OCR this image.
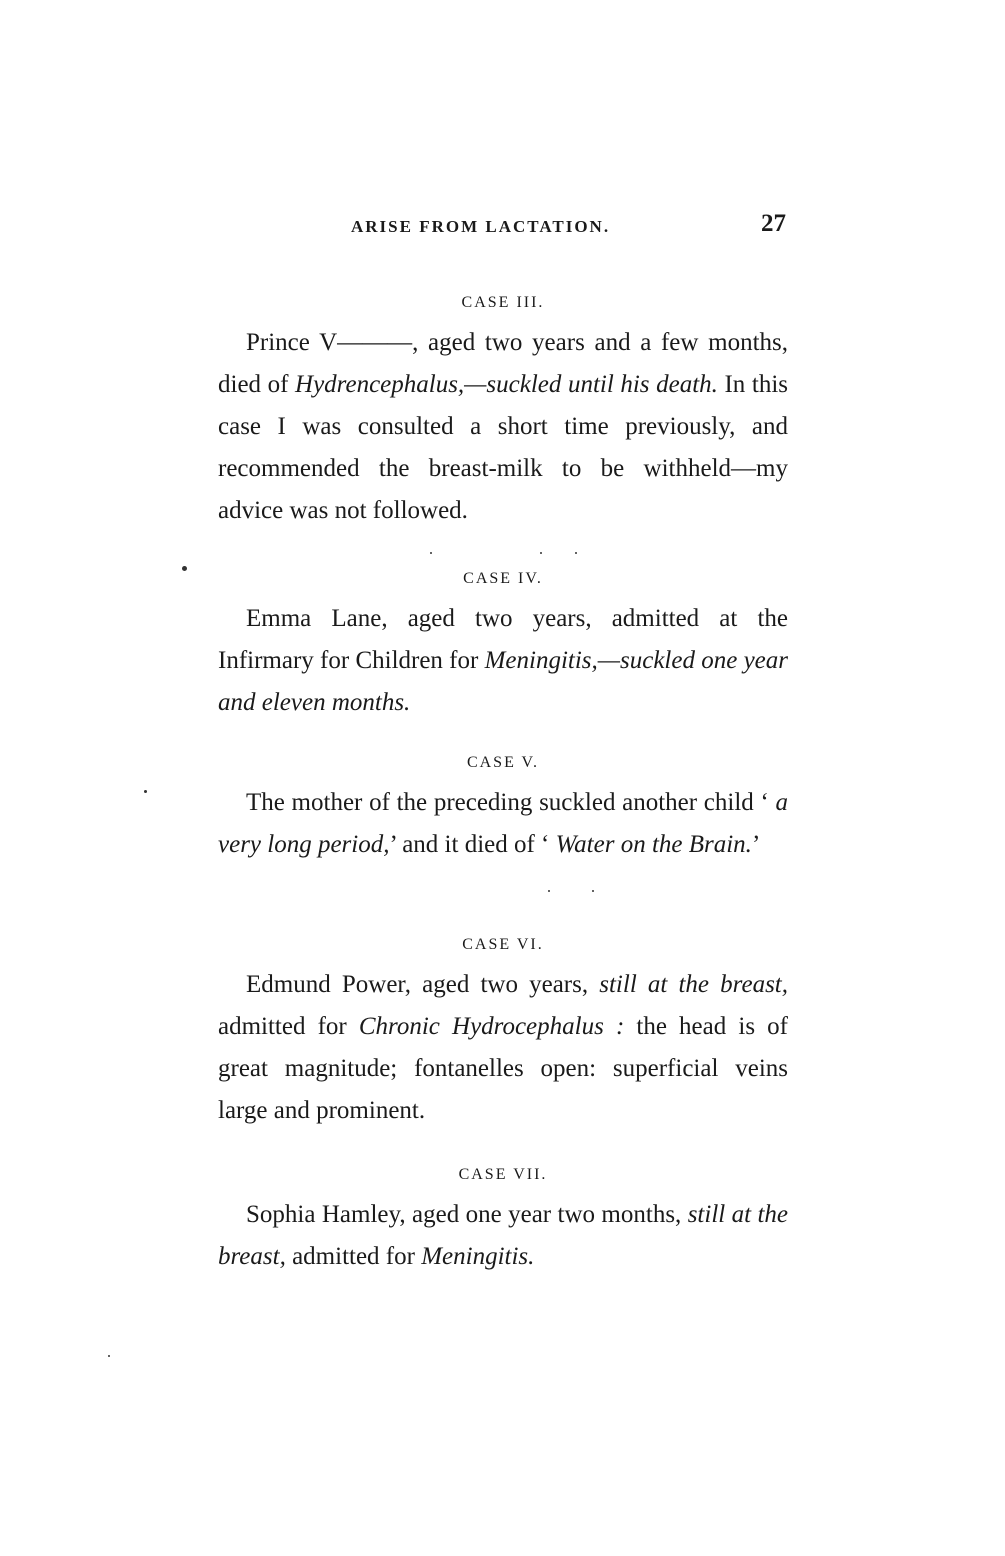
ARISE FROM LACTATION.	27
CASE III.

Prince V———, aged two years and a few months, died of Hydrencephalus,—suckled until his death. In this case I was consulted a short time previously, and recommended the breast-milk to be withheld—my advice was not followed.

CASE IV.

Emma Lane, aged two years, admitted at the Infirmary for Children for Meningitis,—suckled one year and eleven months.

CASE V.

The mother of the preceding suckled another child ‘ a very long period,’ and it died of ‘ Water on the Brain.’

CASE VI.

Edmund Power, aged two years, still at the breast, admitted for Chronic Hydrocephalus : the head is of great magnitude; fontanelles open: superficial veins large and prominent.

CASE VII.

Sophia Hamley, aged one year two months, still at the breast, admitted for Meningitis.
